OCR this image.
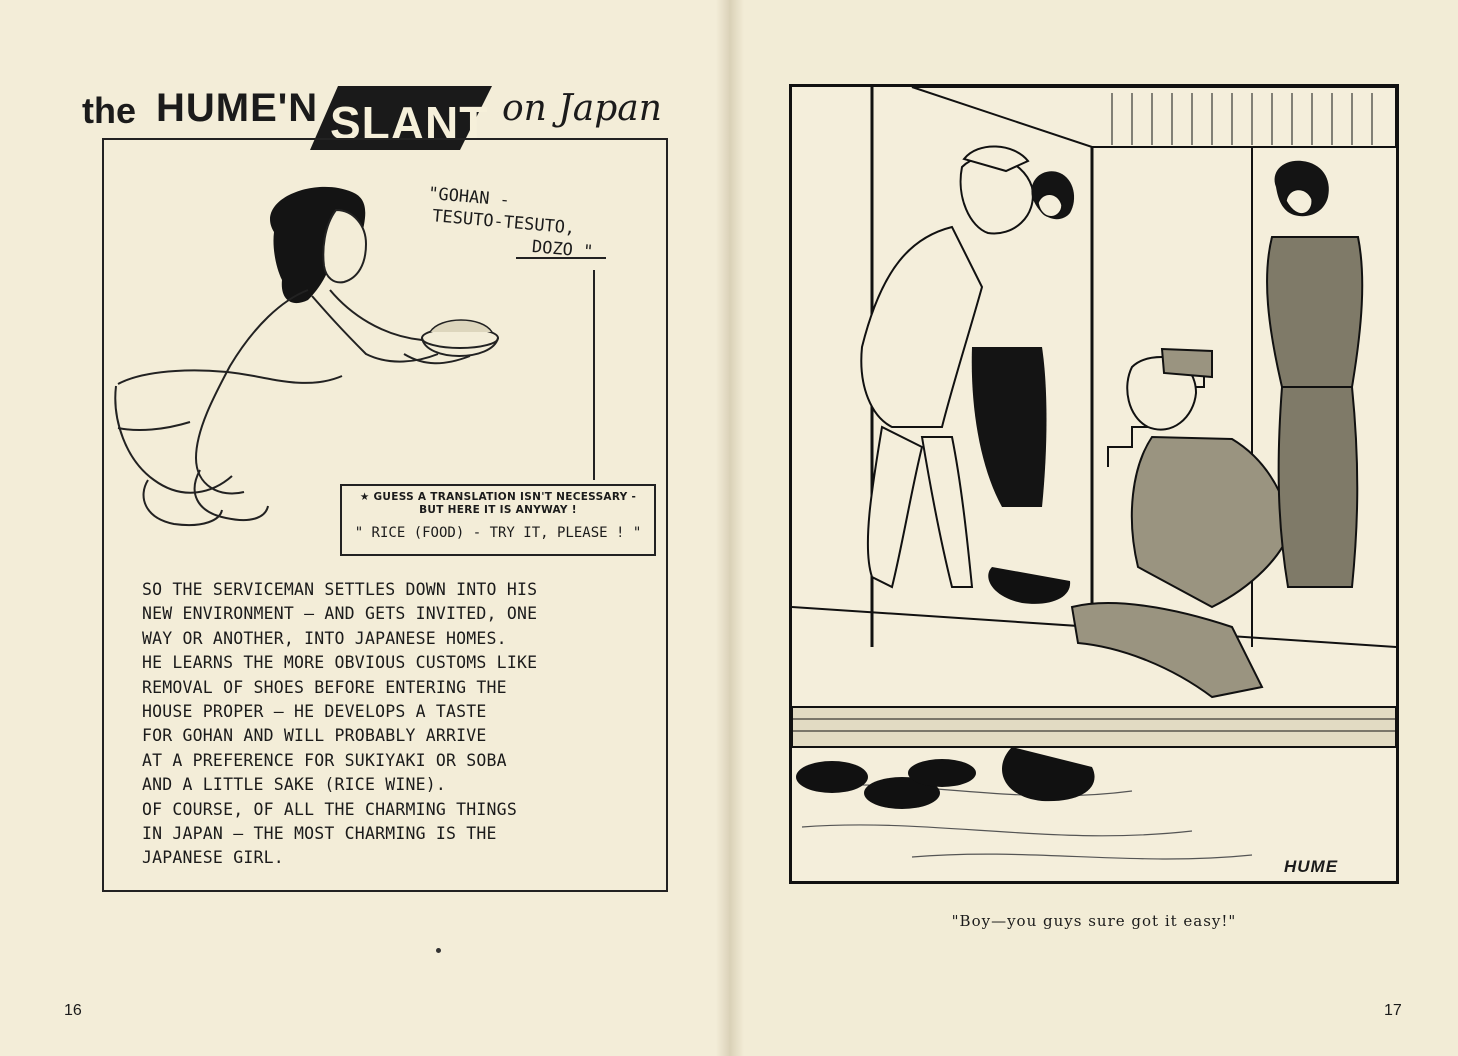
the HUME'N SLANT on Japan
"GOHAN -
TESUTO-TESUTO,
DOZO "
★ GUESS A TRANSLATION ISN'T NECESSARY -
BUT HERE IT IS ANYWAY !
" RICE (FOOD) - TRY IT, PLEASE ! "
SO THE SERVICEMAN SETTLES DOWN INTO HIS
NEW ENVIRONMENT — AND GETS INVITED, ONE
WAY OR ANOTHER, INTO JAPANESE HOMES.
HE LEARNS THE MORE OBVIOUS CUSTOMS LIKE
REMOVAL OF SHOES BEFORE ENTERING THE
HOUSE PROPER — HE DEVELOPS A TASTE
FOR GOHAN AND WILL PROBABLY ARRIVE
AT A PREFERENCE FOR SUKIYAKI OR SOBA
AND A LITTLE SAKE (RICE WINE).
OF COURSE, OF ALL THE CHARMING THINGS
IN JAPAN — THE MOST CHARMING IS THE
JAPANESE GIRL.
16
HUME
"Boy—you guys sure got it easy!"
17
